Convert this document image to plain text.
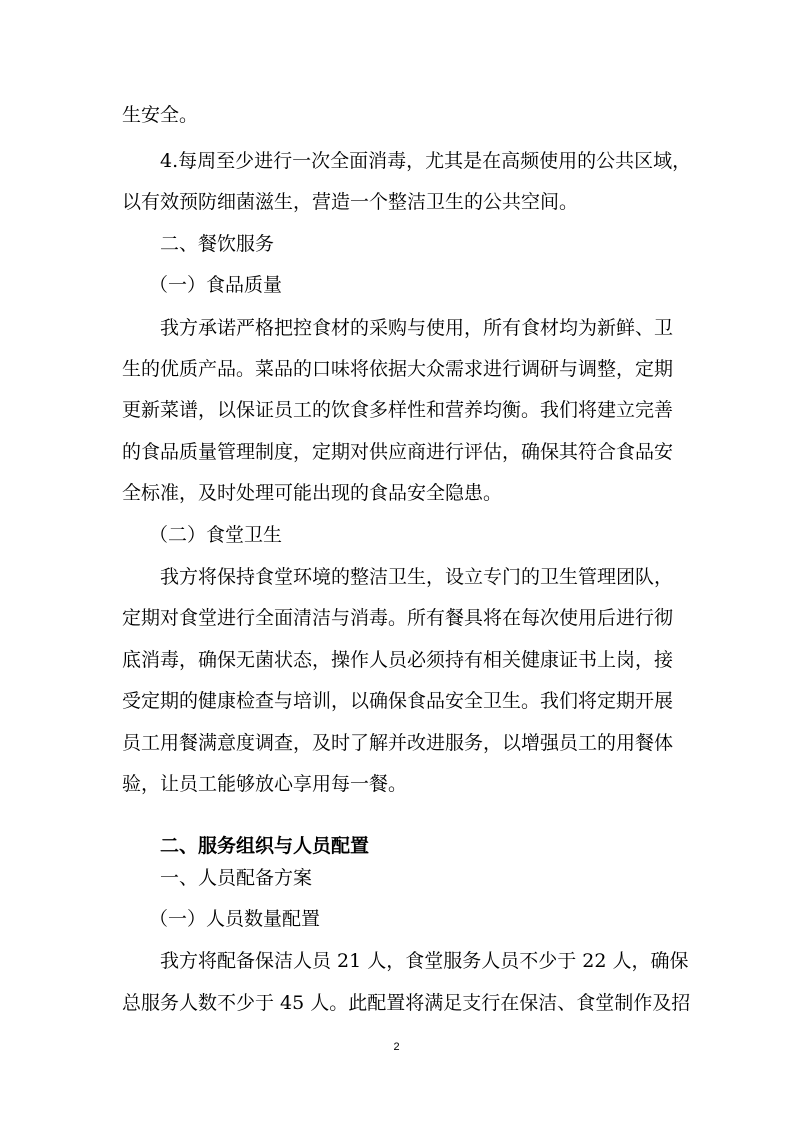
生安全。

4.每周至少进行一次全面消毒，尤其是在高频使用的公共区域，

以有效预防细菌滋生，营造一个整洁卫生的公共空间。

二、餐饮服务

（一）食品质量

我方承诺严格把控食材的采购与使用，所有食材均为新鲜、卫

生的优质产品。菜品的口味将依据大众需求进行调研与调整，定期

更新菜谱，以保证员工的饮食多样性和营养均衡。我们将建立完善

的食品质量管理制度，定期对供应商进行评估，确保其符合食品安

全标准，及时处理可能出现的食品安全隐患。

（二）食堂卫生

我方将保持食堂环境的整洁卫生，设立专门的卫生管理团队，

定期对食堂进行全面清洁与消毒。所有餐具将在每次使用后进行彻

底消毒，确保无菌状态，操作人员必须持有相关健康证书上岗，接

受定期的健康检查与培训，以确保食品安全卫生。我们将定期开展

员工用餐满意度调查，及时了解并改进服务，以增强员工的用餐体

验，让员工能够放心享用每一餐。

二、服务组织与人员配置

一、人员配备方案

（一）人员数量配置

我方将配备保洁人员 21 人，食堂服务人员不少于 22 人，确保

总服务人数不少于 45 人。此配置将满足支行在保洁、食堂制作及招

2
